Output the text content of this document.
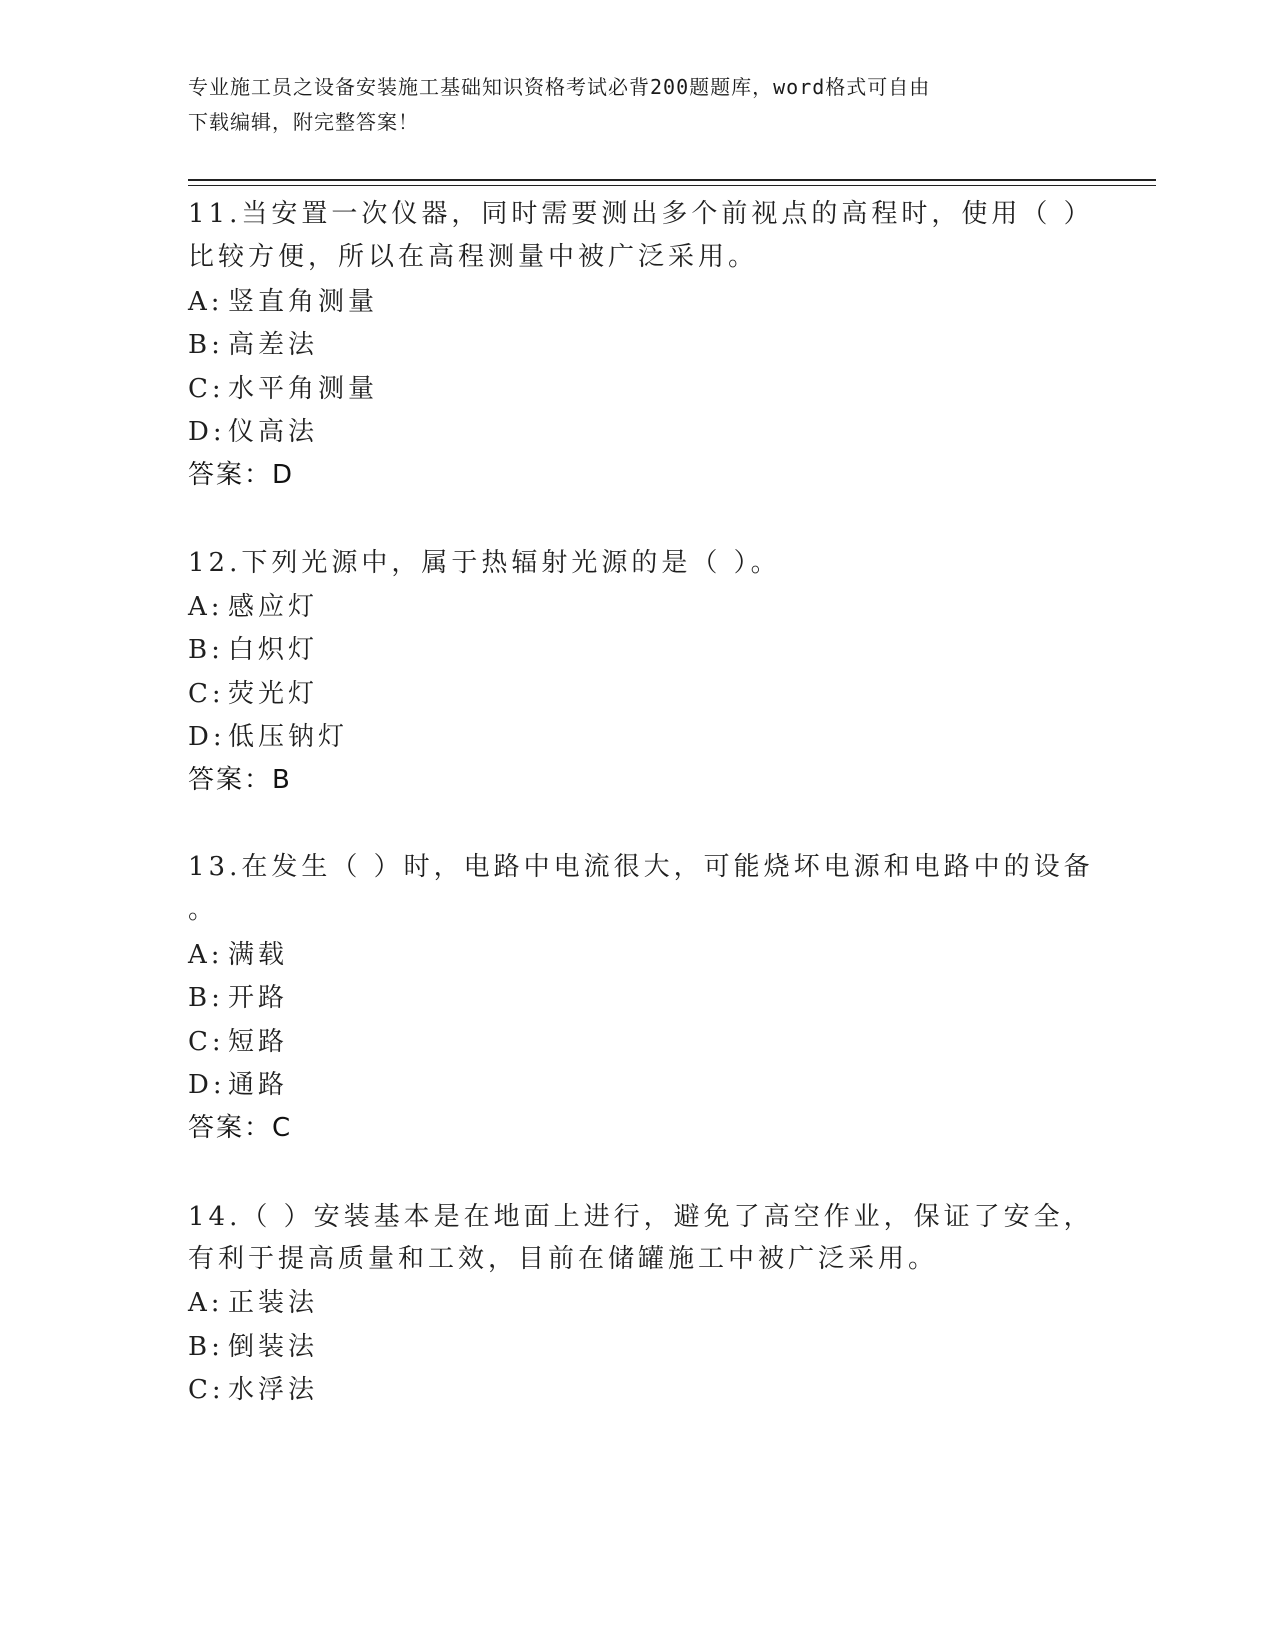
专业施工员之设备安装施工基础知识资格考试必背200题题库，word格式可自由
下载编辑，附完整答案！
11.当安置一次仪器，同时需要测出多个前视点的高程时，使用（ ）
比较方便，所以在高程测量中被广泛采用。
A: 竖直角测量
B: 高差法
C: 水平角测量
D:仪高法
答案：D
12.下列光源中，属于热辐射光源的是（ ）。
A: 感应灯
B: 白炽灯
C: 荧光灯
D:低压钠灯
答案：B
13.在发生（ ）时，电路中电流很大，可能烧坏电源和电路中的设备
。
A: 满载
B: 开路
C: 短路
D:通路
答案：C
14.（ ）安装基本是在地面上进行，避免了高空作业，保证了安全，
有利于提高质量和工效，目前在储罐施工中被广泛采用。
A: 正装法
B: 倒装法
C: 水浮法
